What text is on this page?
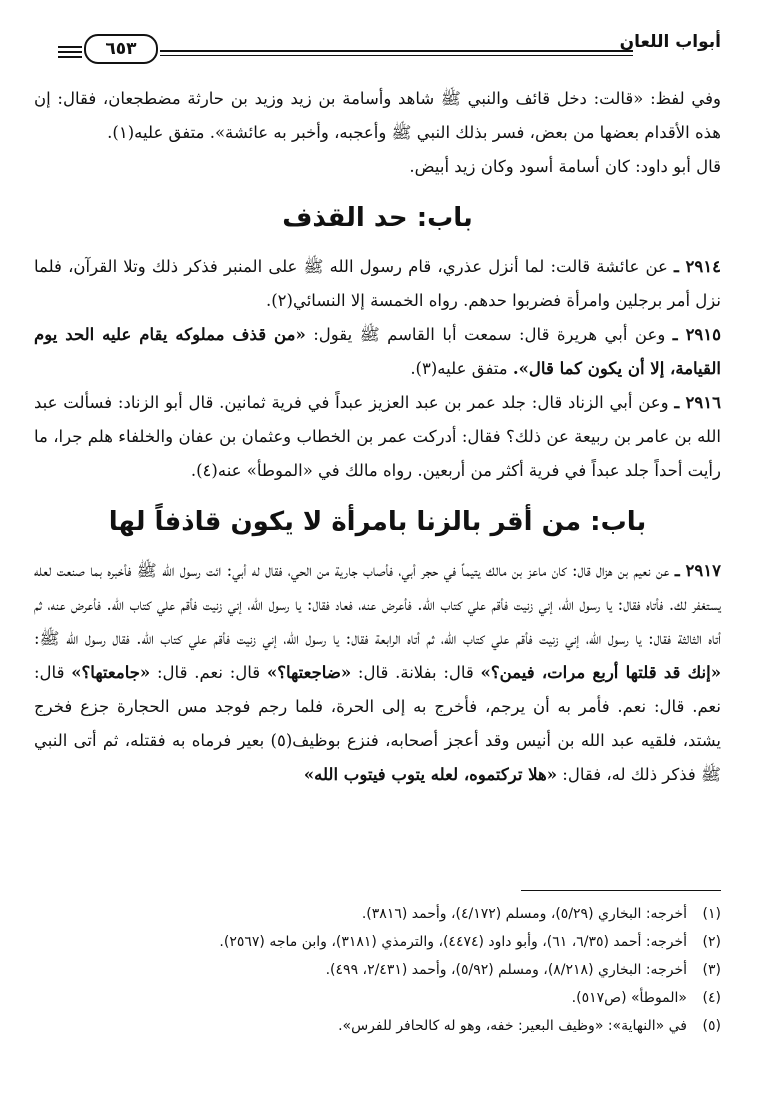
أبواب اللعان
٦٥٣

وفي لفظ: «قالت: دخل قائف والنبي ﷺ شاهد وأسامة بن زيد وزيد بن حارثة مضطجعان، فقال: إن هذه الأقدام بعضها من بعض، فسر بذلك النبي ﷺ وأعجبه، وأخبر به عائشة». متفق عليه(١).

قال أبو داود: كان أسامة أسود وكان زيد أبيض.

باب: حد القذف

٢٩١٤ ـ عن عائشة قالت: لما أنزل عذري، قام رسول الله ﷺ على المنبر فذكر ذلك وتلا القرآن، فلما نزل أمر برجلين وامرأة فضربوا حدهم. رواه الخمسة إلا النسائي(٢).

٢٩١٥ ـ وعن أبي هريرة قال: سمعت أبا القاسم ﷺ يقول: «من قذف مملوكه يقام عليه الحد يوم القيامة، إلا أن يكون كما قال». متفق عليه(٣).

٢٩١٦ ـ وعن أبي الزناد قال: جلد عمر بن عبد العزيز عبداً في فرية ثمانين. قال أبو الزناد: فسألت عبد الله بن عامر بن ربيعة عن ذلك؟ فقال: أدركت عمر بن الخطاب وعثمان بن عفان والخلفاء هلم جرا، ما رأيت أحداً جلد عبداً في فرية أكثر من أربعين. رواه مالك في «الموطأ» عنه(٤).

باب: من أقر بالزنا بامرأة لا يكون قاذفاً لها

٢٩١٧ ـ عن نعيم بن هزال قال: كان ماعز بن مالك يتيماً في حجر أبي، فأصاب جارية من الحي، فقال له أبي: ائت رسول الله ﷺ فأخبره بما صنعت لعله يستغفر لك. فأتاه فقال: يا رسول الله، إني زنيت فأقم علي كتاب الله. فأعرض عنه، فعاد فقال: يا رسول الله، إني زنيت فأقم علي كتاب الله. فأعرض عنه، ثم أتاه الثالثة فقال: يا رسول الله، إني زنيت فأقم علي كتاب الله، ثم أتاه الرابعة فقال: يا رسول الله، إني زنيت فأقم علي كتاب الله. فقال رسول الله ﷺ: «إنك قد قلتها أربع مرات، فيمن؟» قال: بفلانة. قال: «ضاجعتها؟» قال: نعم. قال: «جامعتها؟» قال: نعم. قال: نعم. فأمر به أن يرجم، فأخرج به إلى الحرة، فلما رجم فوجد مس الحجارة جزع فخرج يشتد، فلقيه عبد الله بن أنيس وقد أعجز أصحابه، فنزع بوظيف(٥) بعير فرماه به فقتله، ثم أتى النبي ﷺ فذكر ذلك له، فقال: «هلا تركتموه، لعله يتوب فيتوب الله»

(١)أخرجه: البخاري (٥/٢٩)، ومسلم (٤/١٧٢)، وأحمد (٣٨١٦).
(٢)أخرجه: أحمد (٦/٣٥، ٦١)، وأبو داود (٤٤٧٤)، والترمذي (٣١٨١)، وابن ماجه (٢٥٦٧).
(٣)أخرجه: البخاري (٨/٢١٨)، ومسلم (٥/٩٢)، وأحمد (٢/٤٣١، ٤٩٩).
(٤)«الموطأ» (ص٥١٧).
(٥)في «النهاية»: «وظيف البعير: خفه، وهو له كالحافر للفرس».
